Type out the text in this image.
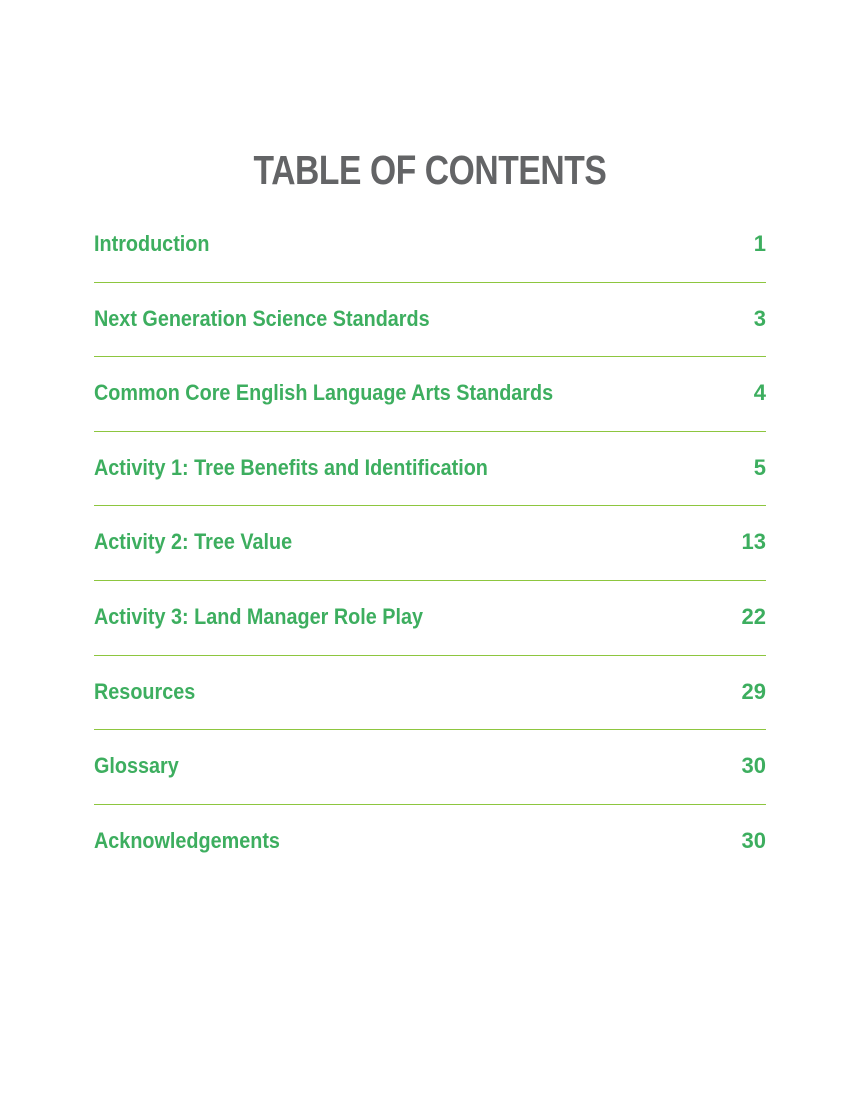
TABLE OF CONTENTS
Introduction	1
Next Generation Science Standards	3
Common Core English Language Arts Standards	4
Activity 1: Tree Benefits and Identification	5
Activity 2: Tree Value	13
Activity 3: Land Manager Role Play	22
Resources	29
Glossary	30
Acknowledgements	30
